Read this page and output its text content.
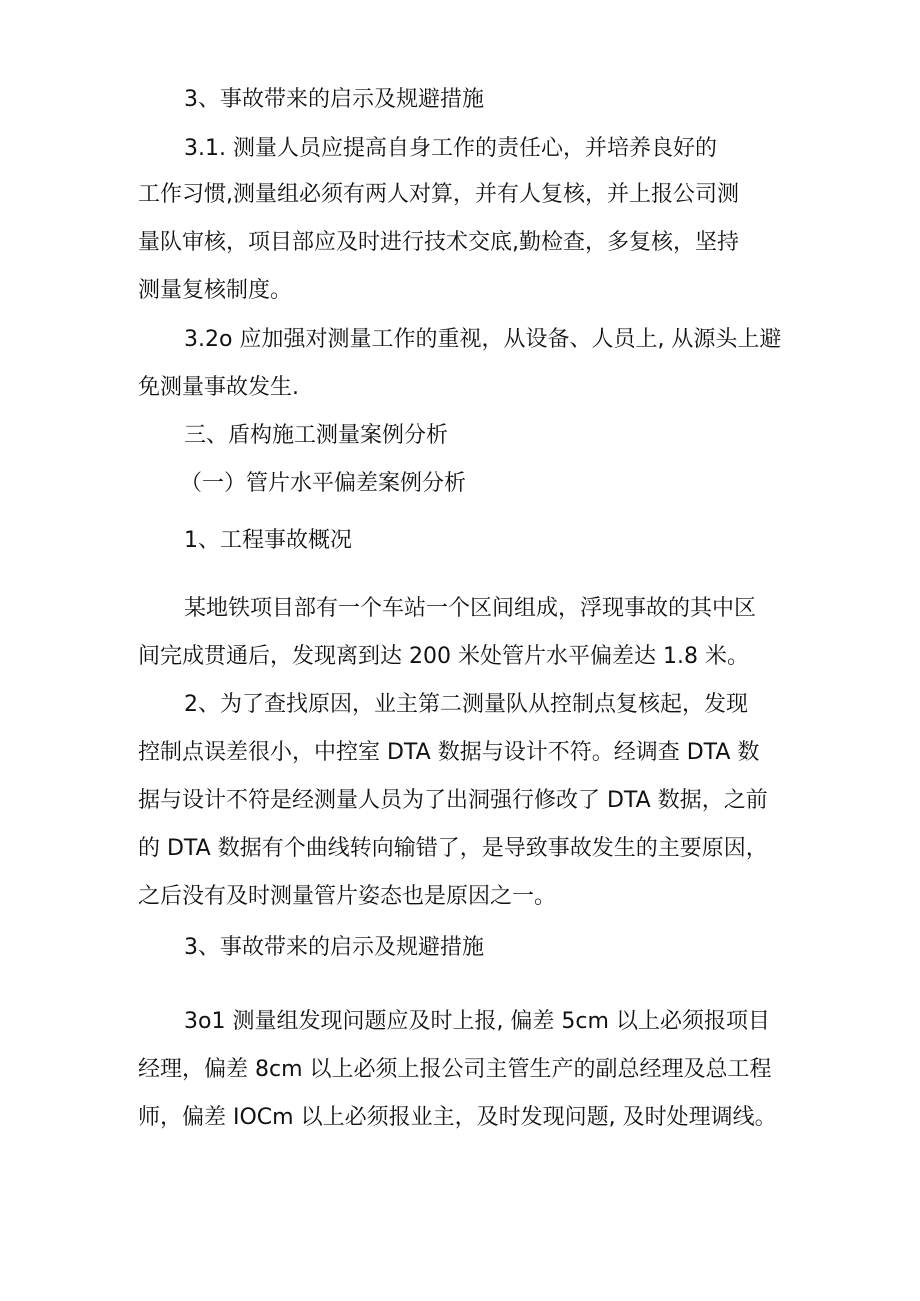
3、事故带来的启示及规避措施
3.1. 测量人员应提高自身工作的责任心，并培养良好的
工作习惯,测量组必须有两人对算，并有人复核，并上报公司测
量队审核，项目部应及时进行技术交底,勤检查，多复核，坚持
测量复核制度。
3.2o 应加强对测量工作的重视，从设备、人员上, 从源头上避
免测量事故发生.
三、盾构施工测量案例分析
（一）管片水平偏差案例分析
1、工程事故概况
某地铁项目部有一个车站一个区间组成，浮现事故的其中区
间完成贯通后，发现离到达 200 米处管片水平偏差达 1.8 米。
2、为了查找原因，业主第二测量队从控制点复核起，发现
控制点误差很小，中控室 DTA 数据与设计不符。经调查 DTA 数
据与设计不符是经测量人员为了出洞强行修改了 DTA 数据，之前
的 DTA 数据有个曲线转向输错了，是导致事故发生的主要原因，
之后没有及时测量管片姿态也是原因之一。
3、事故带来的启示及规避措施
3o1 测量组发现问题应及时上报, 偏差 5cm 以上必须报项目
经理，偏差 8cm 以上必须上报公司主管生产的副总经理及总工程
师，偏差 IOCm 以上必须报业主，及时发现问题, 及时处理调线。
